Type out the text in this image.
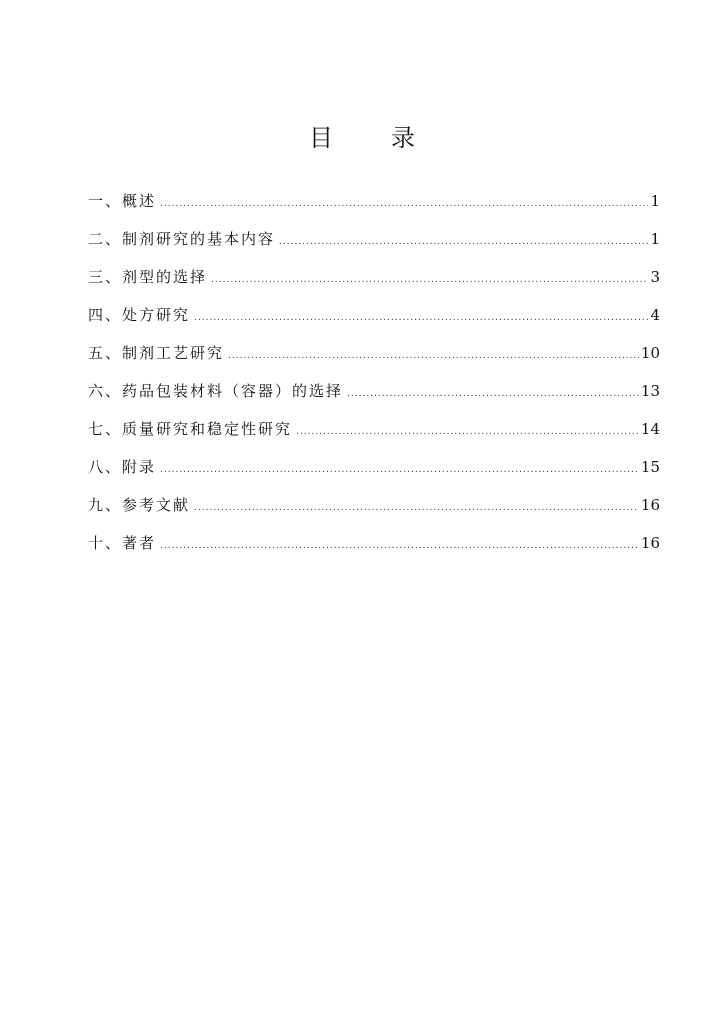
目 录
一、概述 .....	1
二、制剂研究的基本内容 .....	1
三、剂型的选择 .....	3
四、处方研究 .....	4
五、制剂工艺研究 .....	10
六、药品包装材料（容器）的选择 .....	13
七、质量研究和稳定性研究 .....	14
八、附录 .....	15
九、参考文献 .....	16
十、著者 .....	16
